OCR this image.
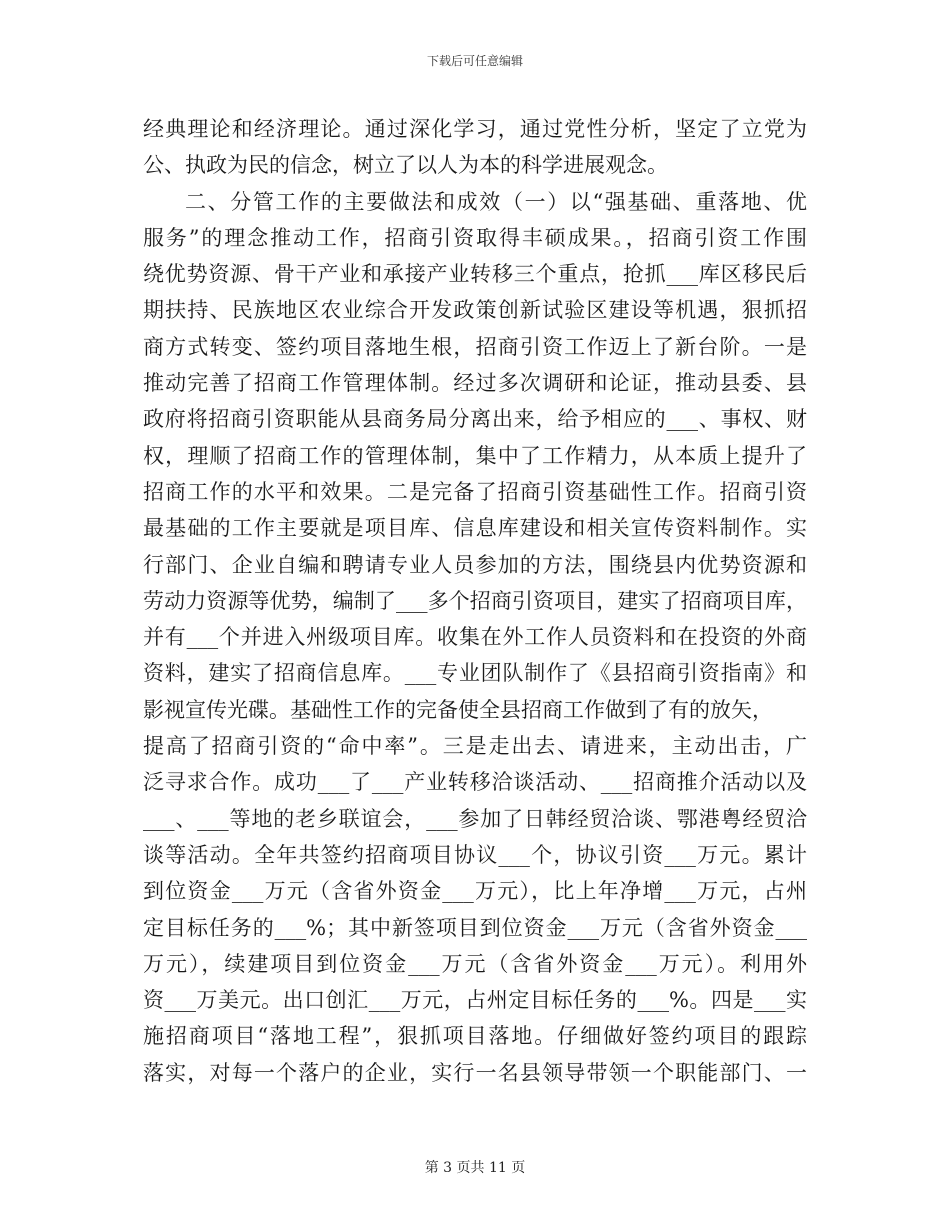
下载后可任意编辑
经典理论和经济理论。通过深化学习，通过党性分析，坚定了立党为
公、执政为民的信念，树立了以人为本的科学进展观念。
二、分管工作的主要做法和成效（一）以“强基础、重落地、优
服务”的理念推动工作，招商引资取得丰硕成果。，招商引资工作围
绕优势资源、骨干产业和承接产业转移三个重点，抢抓___库区移民后
期扶持、民族地区农业综合开发政策创新试验区建设等机遇，狠抓招
商方式转变、签约项目落地生根，招商引资工作迈上了新台阶。一是
推动完善了招商工作管理体制。经过多次调研和论证，推动县委、县
政府将招商引资职能从县商务局分离出来，给予相应的___、事权、财
权，理顺了招商工作的管理体制，集中了工作精力，从本质上提升了
招商工作的水平和效果。二是完备了招商引资基础性工作。招商引资
最基础的工作主要就是项目库、信息库建设和相关宣传资料制作。实
行部门、企业自编和聘请专业人员参加的方法，围绕县内优势资源和
劳动力资源等优势，编制了___多个招商引资项目，建实了招商项目库，
并有___个并进入州级项目库。收集在外工作人员资料和在投资的外商
资料，建实了招商信息库。___专业团队制作了《县招商引资指南》和
影视宣传光碟。基础性工作的完备使全县招商工作做到了有的放矢，
提高了招商引资的“命中率”。三是走出去、请进来，主动出击，广
泛寻求合作。成功___了___产业转移洽谈活动、___招商推介活动以及
___、___等地的老乡联谊会，___参加了日韩经贸洽谈、鄂港粤经贸洽
谈等活动。全年共签约招商项目协议___个，协议引资___万元。累计
到位资金___万元（含省外资金___万元），比上年净增___万元，占州
定目标任务的___%；其中新签项目到位资金___万元（含省外资金___
万元），续建项目到位资金___万元（含省外资金___万元）。利用外
资___万美元。出口创汇___万元，占州定目标任务的___%。四是___实
施招商项目“落地工程”，狠抓项目落地。仔细做好签约项目的跟踪
落实，对每一个落户的企业，实行一名县领导带领一个职能部门、一
第 3 页共 11 页
